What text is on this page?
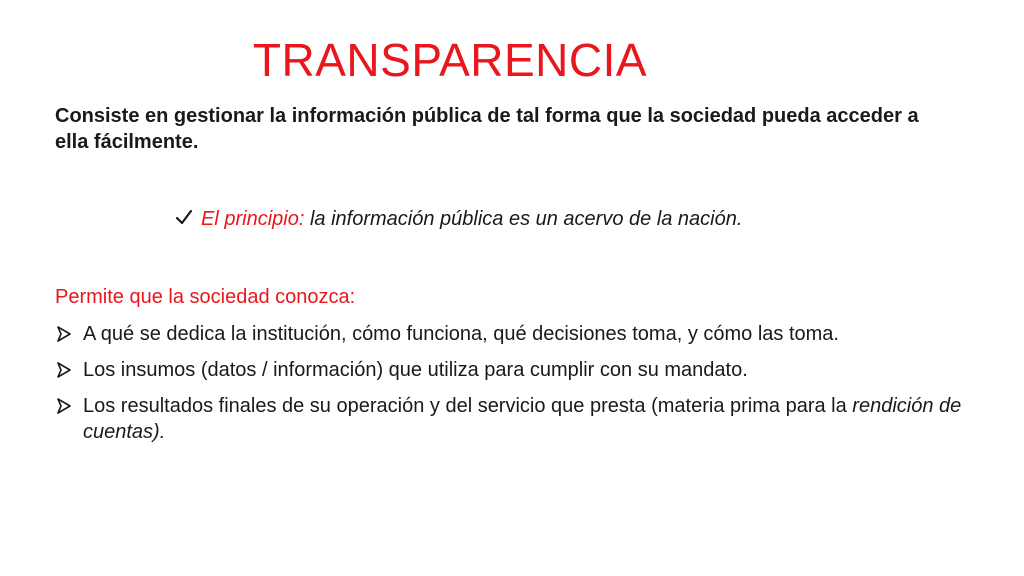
TRANSPARENCIA

Consiste en gestionar la información pública de tal forma que la sociedad pueda acceder a ella fácilmente.

El principio: la información pública es un acervo de la nación.

Permite que la sociedad conozca:

A qué se dedica la institución, cómo funciona, qué decisiones toma, y cómo las toma.
Los insumos (datos / información) que utiliza para cumplir con su mandato.
Los resultados finales de su operación y del servicio que presta (materia prima para la rendición de cuentas).
